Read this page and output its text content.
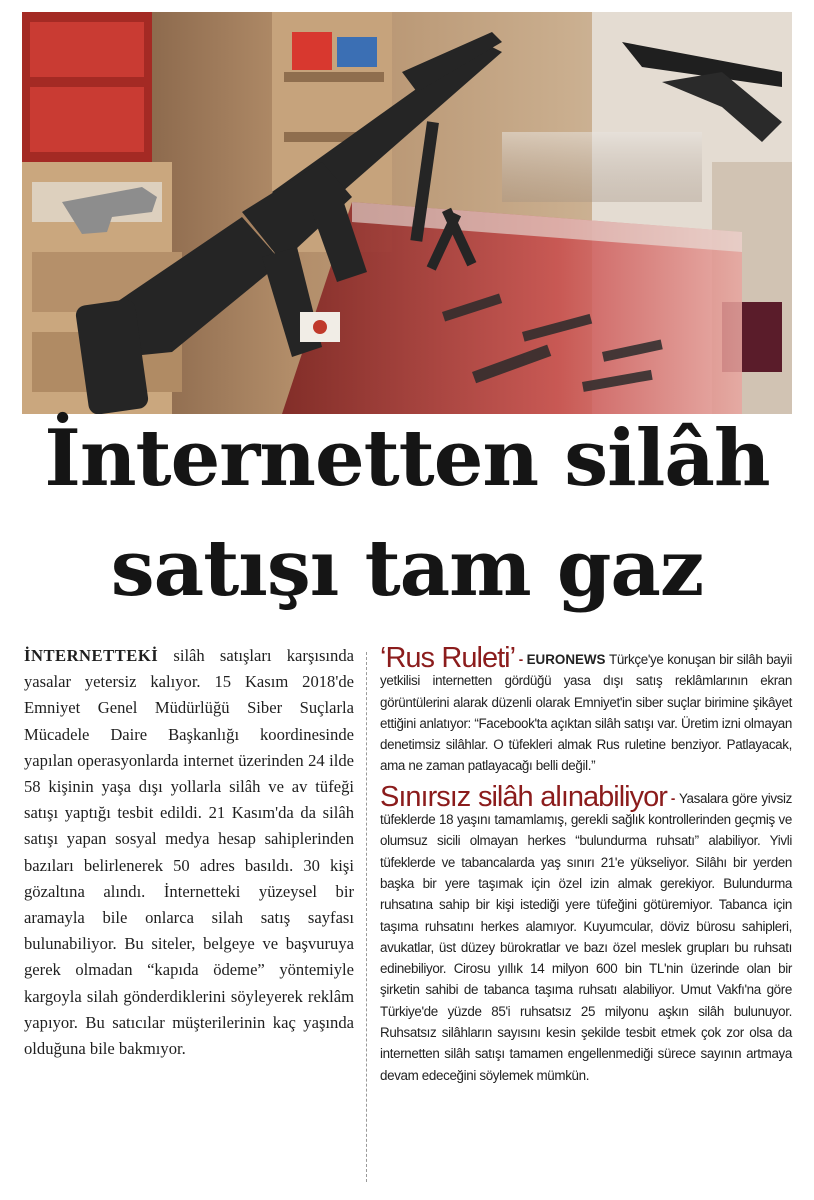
İnternetten silâh
satışı tam gaz
İNTERNETTEKİ silâh satışları karşısında yasalar yetersiz kalıyor. 15 Kasım 2018'de Emniyet Genel Müdürlüğü Siber Suçlarla Mücadele Daire Başkanlığı koordinesinde yapılan operasyonlarda internet üzerinden 24 ilde 58 kişinin yaşa dışı yollarla silâh ve av tüfeği satışı yaptığı tesbit edildi. 21 Kasım'da da silâh satışı yapan sosyal medya hesap sahiplerinden bazıları belirlenerek 50 adres basıldı. 30 kişi gözaltına alındı. İnternetteki yüzeysel bir aramayla bile onlarca silah satış sayfası bulunabiliyor. Bu siteler, belgeye ve başvuruya gerek olmadan “kapıda ödeme” yöntemiyle kargoyla silah gönderdiklerini söyleyerek reklâm yapıyor. Bu satıcılar müşterilerinin kaç yaşında olduğuna bile bakmıyor.
‘Rus Ruleti’ - EURONEWS Türkçe'ye konuşan bir silâh bayii yetkilisi internetten gördüğü yasa dışı satış reklâmlarının ekran görüntülerini alarak düzenli olarak Emniyet'in siber suçlar birimine şikâyet ettiğini anlatıyor: “Facebook'ta açıktan silâh satışı var. Üretim izni olmayan denetimsiz silâhlar. O tüfekleri almak Rus ruletine benziyor. Patlayacak, ama ne zaman patlayacağı belli değil.”
Sınırsız silâh alınabiliyor - Yasalara göre yivsiz tüfeklerde 18 yaşını tamamlamış, gerekli sağlık kontrollerinden geçmiş ve olumsuz sicili olmayan herkes “bulundurma ruhsatı” alabiliyor. Yivli tüfeklerde ve tabancalarda yaş sınırı 21'e yükseliyor. Silâhı bir yerden başka bir yere taşımak için özel izin almak gerekiyor. Bulundurma ruhsatına sahip bir kişi istediği yere tüfeğini götüremiyor. Tabanca için taşıma ruhsatını herkes alamıyor. Kuyumcular, döviz bürosu sahipleri, avukatlar, üst düzey bürokratlar ve bazı özel meslek grupları bu ruhsatı edinebiliyor. Cirosu yıllık 14 milyon 600 bin TL'nin üzerinde olan bir şirketin sahibi de tabanca taşıma ruhsatı alabiliyor. Umut Vakfı'na göre Türkiye'de yüzde 85'i ruhsatsız 25 milyonu aşkın silâh bulunuyor. Ruhsatsız silâhların sayısını kesin şekilde tesbit etmek çok zor olsa da internetten silâh satışı tamamen engellenmediği sürece sayının artmaya devam edeceğini söylemek mümkün.
